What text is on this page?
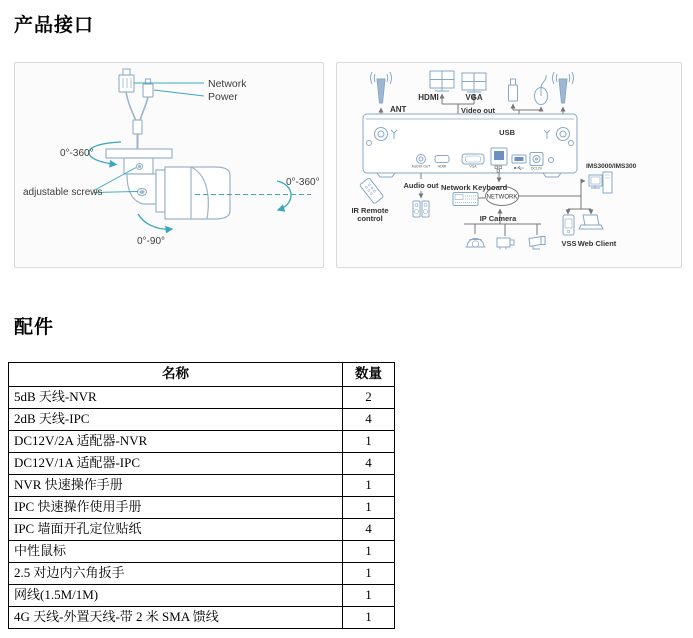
产品接口
Network
Power
0°-360°
adjustable screws
0°-360°
0°-90°
ANT
HDMI	VGA
Video out
USB
Audio out Network Keyboard
NETWORK
IMS3000/IMS300
IR Remote
control	IP Camera
VSS Web Client
AUDIO OUT HDMI	VGA	DC12V
配件
名称	数量
5dB 天线-NVR	2
2dB 天线-IPC	4
DC12V/2A 适配器-NVR	1
DC12V/1A 适配器-IPC	4
NVR 快速操作手册	1
IPC 快速操作使用手册	1
IPC 墙面开孔定位贴纸	4
中性鼠标	1
2.5 对边内六角扳手	1
网线(1.5M/1M)	1
4G 天线-外置天线-带 2 米 SMA 馈线	1
